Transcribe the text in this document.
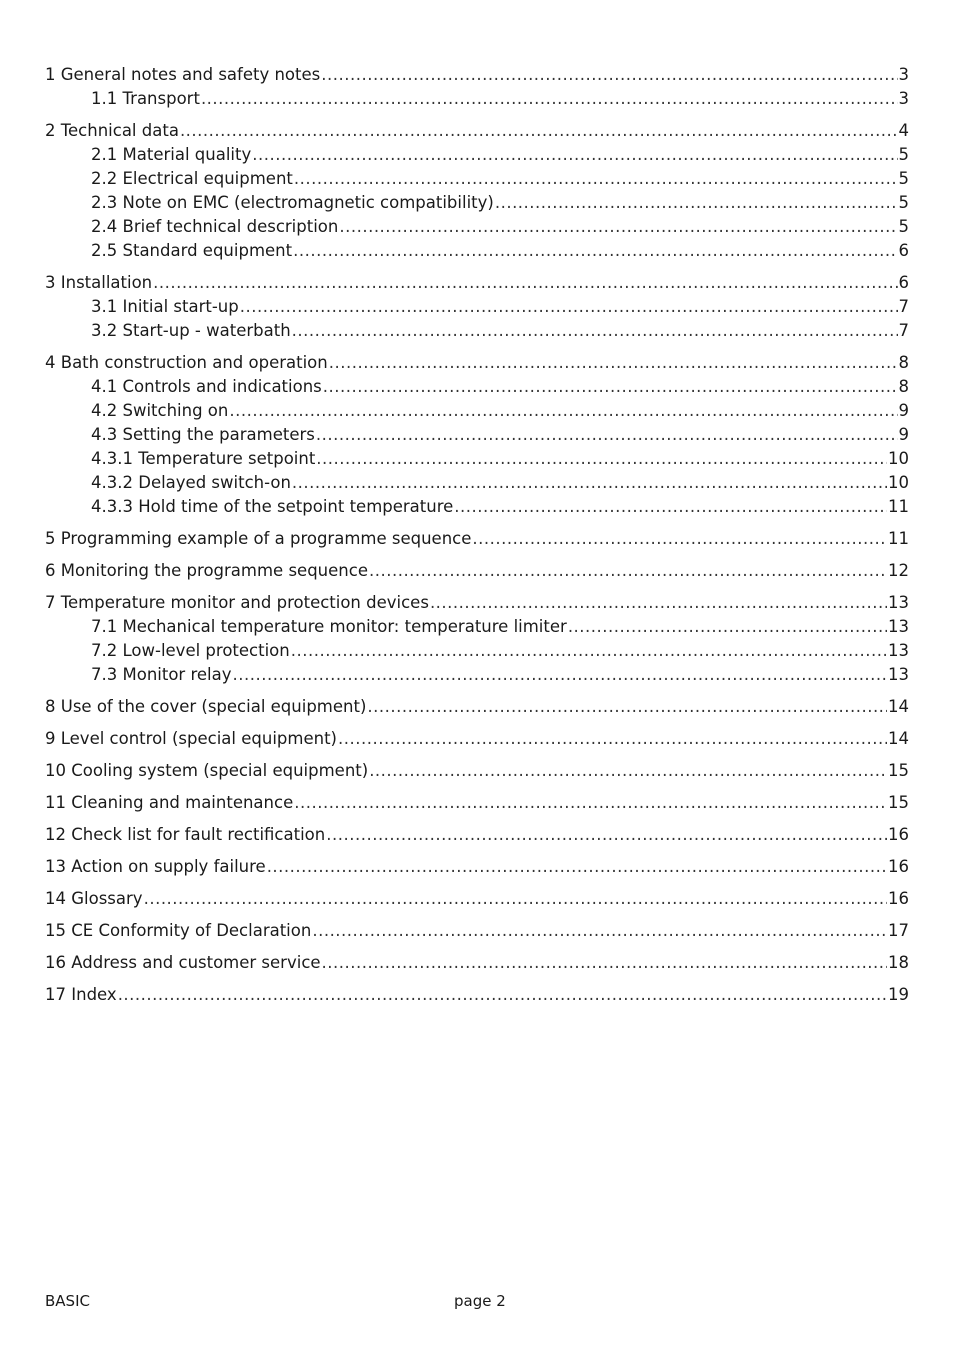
1 General notes and safety notes .....	3
1.1 Transport .....	3
2 Technical data .....	4
2.1 Material quality .....	5
2.2 Electrical equipment .....	5
2.3 Note on EMC (electromagnetic compatibility) .....	5
2.4 Brief technical description .....	5
2.5 Standard equipment .....	6
3 Installation .....	6
3.1 Initial start-up .....	7
3.2 Start-up - waterbath .....	7
4 Bath construction and operation .....	8
4.1 Controls and indications .....	8
4.2 Switching on .....	9
4.3 Setting the parameters .....	9
4.3.1 Temperature setpoint .....	10
4.3.2 Delayed switch-on .....	10
4.3.3 Hold time of the setpoint temperature .....	11
5 Programming example of a programme sequence .....	11
6 Monitoring the programme sequence .....	12
7 Temperature monitor and protection devices .....	13
7.1 Mechanical temperature monitor: temperature limiter .....	13
7.2 Low-level protection .....	13
7.3 Monitor relay .....	13
8 Use of the cover (special equipment) .....	14
9 Level control (special equipment) .....	14
10 Cooling system (special equipment) .....	15
11 Cleaning and maintenance .....	15
12 Check list for fault rectification .....	16
13 Action on supply failure .....	16
14 Glossary .....	16
15 CE Conformity of Declaration .....	17
16 Address and customer service .....	18
17 Index .....	19
BASIC	page 2
